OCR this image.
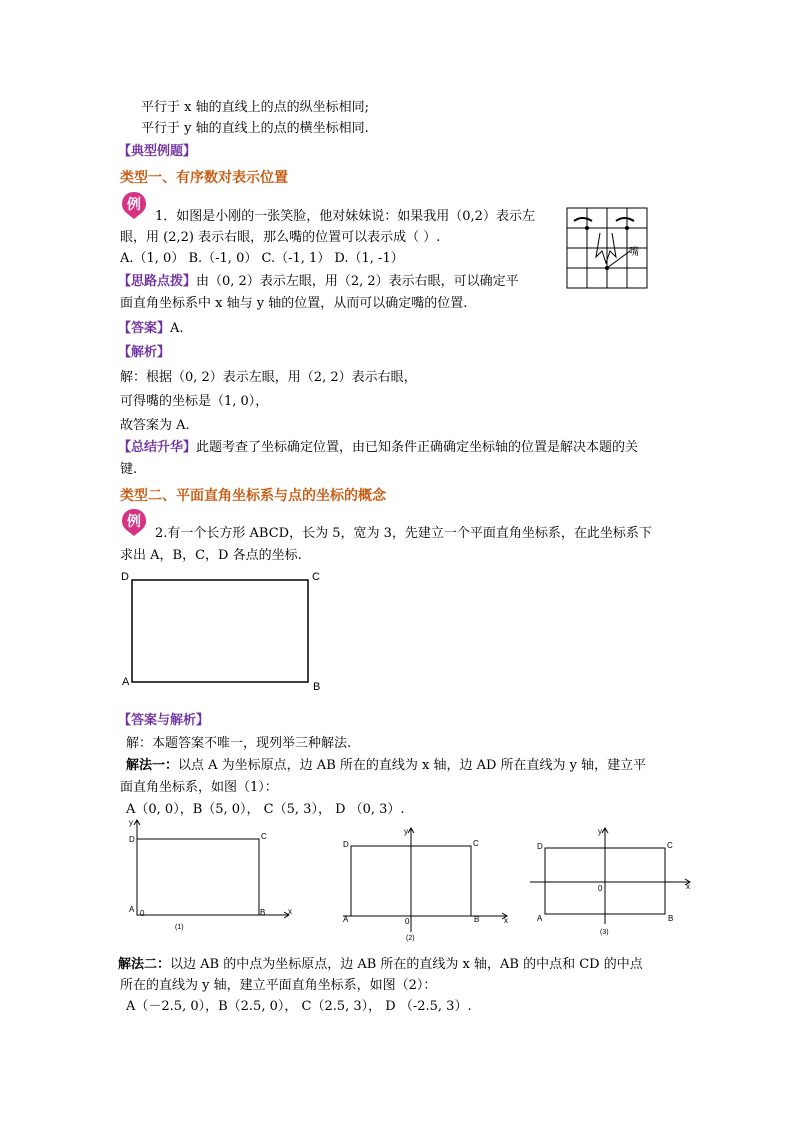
平行于 x 轴的直线上的点的纵坐标相同;
平行于 y 轴的直线上的点的横坐标相同.
【典型例题】
类型一、有序数对表示位置
例
1．如图是小刚的一张笑脸，他对妹妹说：如果我用（0,2）表示左
眼，用 (2,2) 表示右眼，那么嘴的位置可以表示成（ ）.
A.（1, 0） B.（-1, 0） C.（-1, 1） D.（1, -1）	嘴
【思路点拨】由（0, 2）表示左眼，用（2, 2）表示右眼，可以确定平
面直角坐标系中 x 轴与 y 轴的位置，从而可以确定嘴的位置.
【答案】A.
【解析】
解：根据（0, 2）表示左眼，用（2, 2）表示右眼，
可得嘴的坐标是（1, 0），
故答案为 A.
【总结升华】此题考查了坐标确定位置，由已知条件正确确定坐标轴的位置是解决本题的关
键.
类型二、平面直角坐标系与点的坐标的概念
例
2.有一个长方形 ABCD，长为 5，宽为 3，先建立一个平面直角坐标系，在此坐标系下
求出 A，B，C，D 各点的坐标.
D	C
A	B
【答案与解析】
解：本题答案不唯一，现列举三种解法.
解法一：以点 A 为坐标原点，边 AB 所在的直线为 x 轴，边 AD 所在直线为 y 轴，建立平
面直角坐标系，如图（1）：
A（0, 0），B（5, 0）， C（5, 3）， D （0, 3）.
y
x
D	C
A 0	B
(1)
y
x
D	C
A	0	B
(2)
y
x
D	C
A
0
B
(3)
解法二：以边 AB 的中点为坐标原点，边 AB 所在的直线为 x 轴，AB 的中点和 CD 的中点
所在的直线为 y 轴，建立平面直角坐标系，如图（2）：
A（－2.5, 0），B（2.5, 0）， C（2.5, 3）， D （-2.5, 3）.
